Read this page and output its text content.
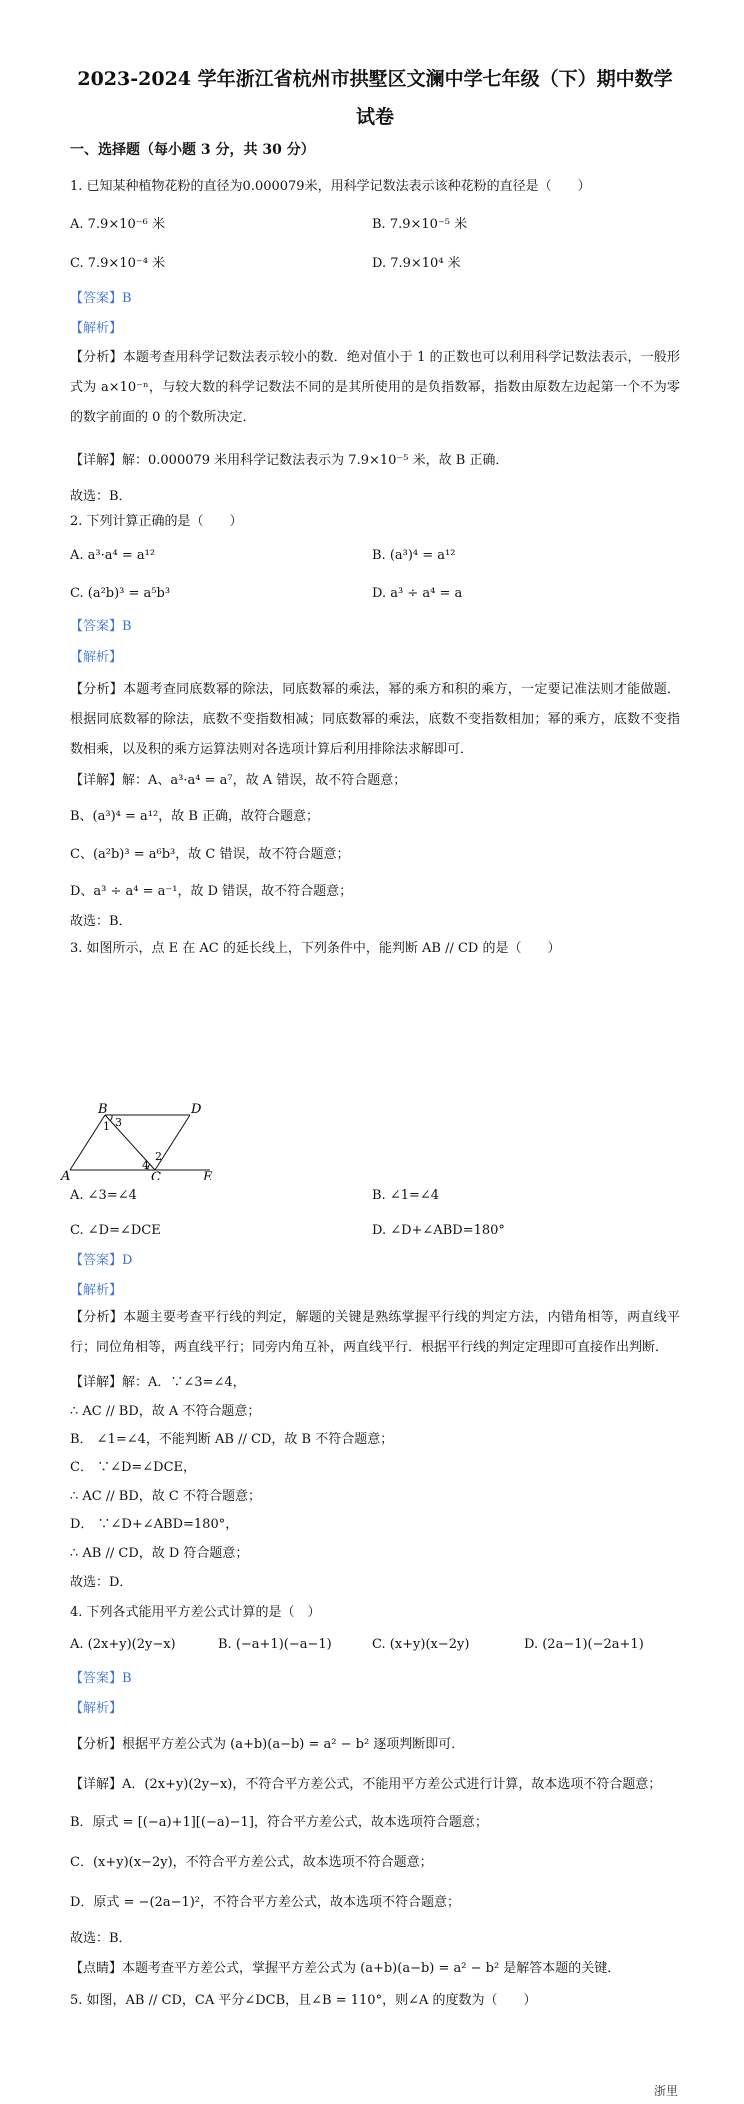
2023-2024 学年浙江省杭州市拱墅区文澜中学七年级（下）期中数学
试卷
一、选择题（每小题 3 分，共 30 分）
1. 已知某种植物花粉的直径为0.000079米，用科学记数法表示该种花粉的直径是（　　）
A. 7.9×10⁻⁶ 米	B. 7.9×10⁻⁵ 米
C. 7.9×10⁻⁴ 米	D. 7.9×10⁴ 米
【答案】B
【解析】
【分析】本题考查用科学记数法表示较小的数．绝对值小于 1 的正数也可以利用科学记数法表示，一般形式为 a×10⁻ⁿ，与较大数的科学记数法不同的是其所使用的是负指数幂，指数由原数左边起第一个不为零的数字前面的 0 的个数所决定．
【详解】解：0.000079 米用科学记数法表示为 7.9×10⁻⁵ 米，故 B 正确．
故选：B．
2. 下列计算正确的是（　　）
A. a³·a⁴ = a¹²	B. (a³)⁴ = a¹²
C. (a²b)³ = a⁵b³	D. a³ ÷ a⁴ = a
【答案】B
【解析】
【分析】本题考查同底数幂的除法，同底数幂的乘法，幂的乘方和积的乘方，一定要记准法则才能做题．根据同底数幂的除法，底数不变指数相减；同底数幂的乘法，底数不变指数相加；幂的乘方，底数不变指数相乘，以及积的乘方运算法则对各选项计算后利用排除法求解即可．
【详解】解：A、a³·a⁴ = a⁷，故 A 错误，故不符合题意；
B、(a³)⁴ = a¹²，故 B 正确，故符合题意；
C、(a²b)³ = a⁶b³，故 C 错误，故不符合题意；
D、a³ ÷ a⁴ = a⁻¹，故 D 错误，故不符合题意；
故选：B．
3. 如图所示，点 E 在 AC 的延长线上，下列条件中，能判断 AB // CD 的是（　　）
B	D
A	C	E
1 3
2
4
A. ∠3=∠4	B. ∠1=∠4
C. ∠D=∠DCE	D. ∠D+∠ABD=180°
【答案】D
【解析】
【分析】本题主要考查平行线的判定，解题的关键是熟练掌握平行线的判定方法，内错角相等，两直线平行；同位角相等，两直线平行；同旁内角互补，两直线平行．根据平行线的判定定理即可直接作出判断．
【详解】解：A．∵∠3=∠4，
∴ AC // BD，故 A 不符合题意；
B． ∠1=∠4，不能判断 AB // CD，故 B 不符合题意；
C． ∵∠D=∠DCE，
∴ AC // BD，故 C 不符合题意；
D． ∵∠D+∠ABD=180°，
∴ AB // CD，故 D 符合题意；
故选：D．
4. 下列各式能用平方差公式计算的是（　）
A. (2x+y)(2y−x)	B. (−a+1)(−a−1)	C. (x+y)(x−2y)	D. (2a−1)(−2a+1)
【答案】B
【解析】
【分析】根据平方差公式为 (a+b)(a−b) = a² − b² 逐项判断即可．
【详解】A．(2x+y)(2y−x)，不符合平方差公式，不能用平方差公式进行计算，故本选项不符合题意；
B．原式 = [(−a)+1][(−a)−1]，符合平方差公式，故本选项符合题意；
C．(x+y)(x−2y)，不符合平方差公式，故本选项不符合题意；
D．原式 = −(2a−1)²，不符合平方差公式，故本选项不符合题意；
故选：B．
【点睛】本题考查平方差公式，掌握平方差公式为 (a+b)(a−b) = a² − b² 是解答本题的关键．
5. 如图，AB // CD，CA 平分∠DCB，且∠B = 110°，则∠A 的度数为（　　）
浙里
